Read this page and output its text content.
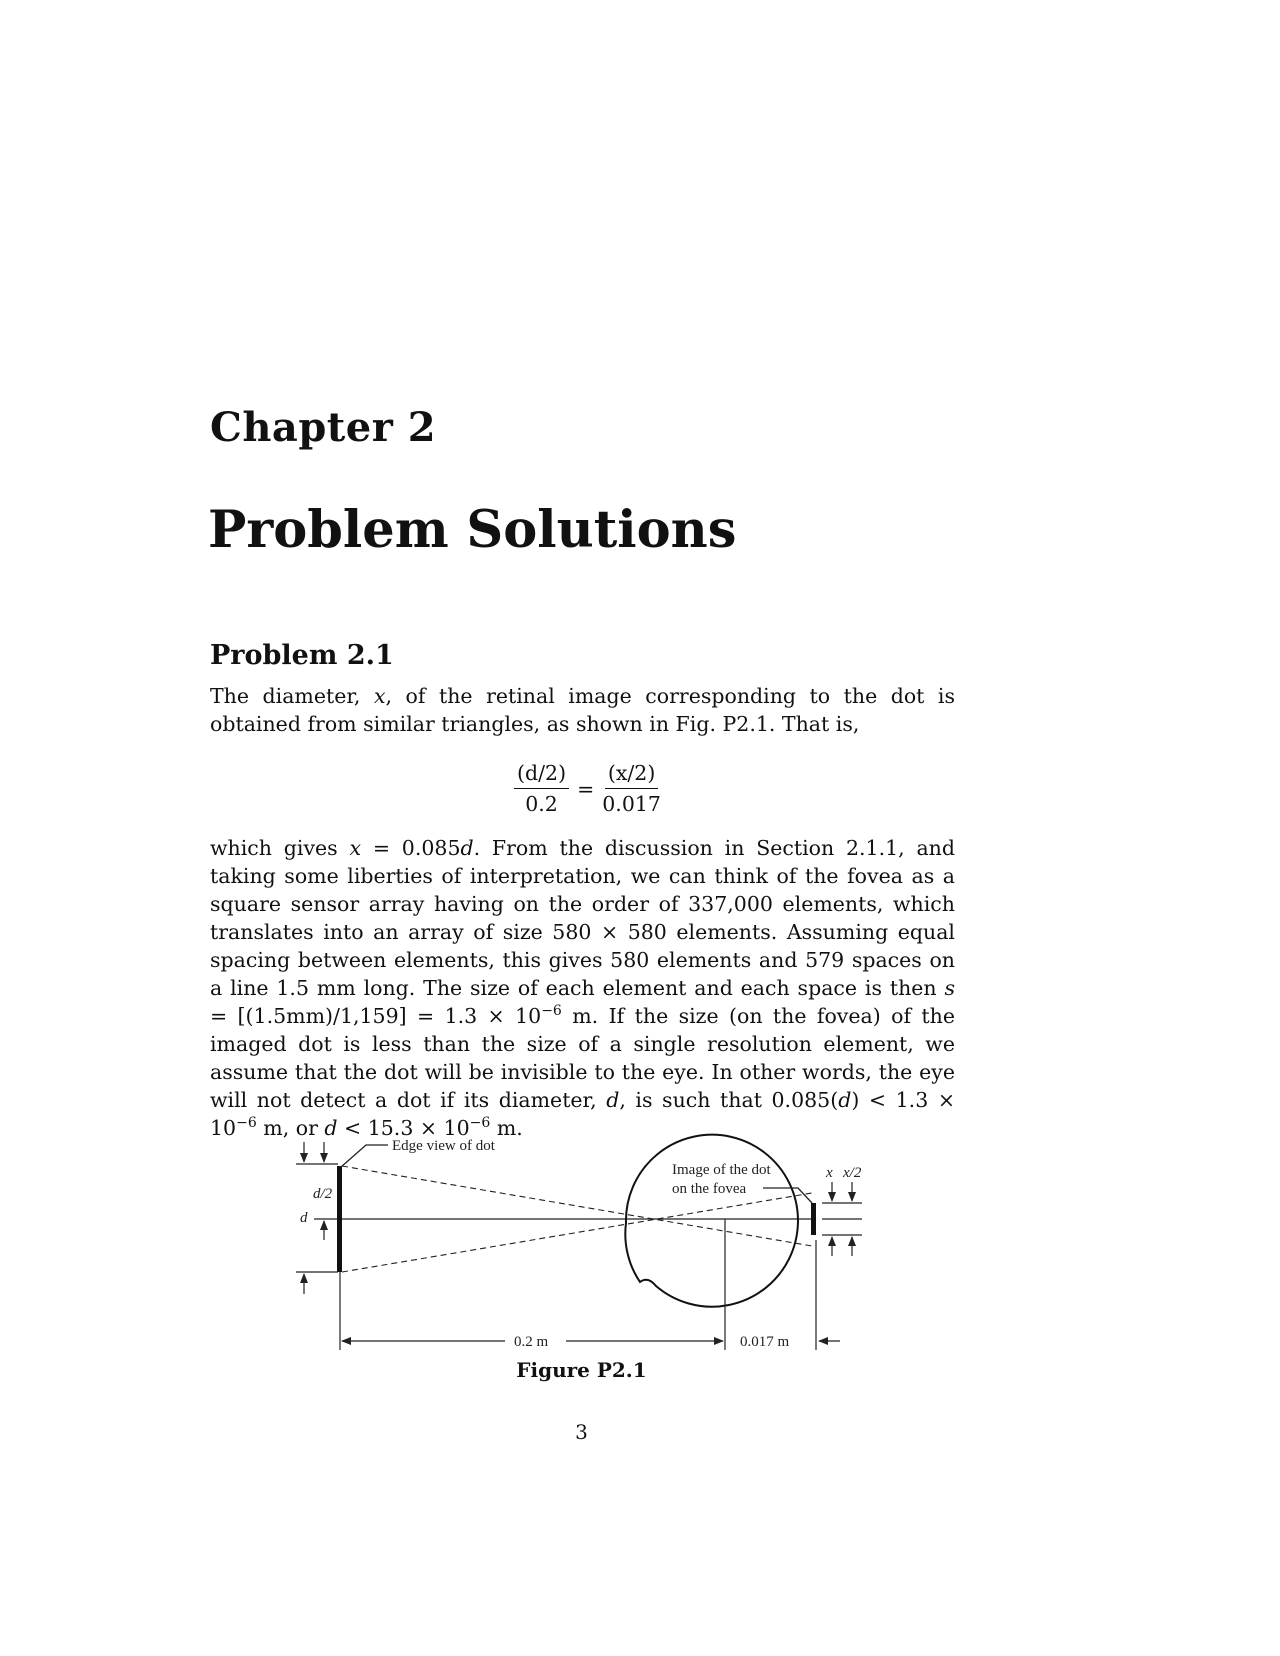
Chapter 2
Problem Solutions
Problem 2.1
The diameter, x, of the retinal image corresponding to the dot is obtained from similar triangles, as shown in Fig. P2.1. That is,
$\frac{(d/2)}{0.2} = \frac{(x/2)}{0.017}$
which gives x = 0.085d. From the discussion in Section 2.1.1, and taking some liberties of interpretation, we can think of the fovea as a square sensor array having on the order of 337,000 elements, which translates into an array of size 580 × 580 elements. Assuming equal spacing between elements, this gives 580 elements and 579 spaces on a line 1.5 mm long. The size of each element and each space is then $s = [(1.5mm)/1,159] = 1.3 \times 10^{-6}$ m. If the size (on the fovea) of the imaged dot is less than the size of a single resolution element, we assume that the dot will be invisible to the eye. In other words, the eye will not detect a dot if its diameter, d, is such that $0.085(d) < 1.3 \times 10^{-6}$ m, or $d < 15.3 \times 10^{-6}$ m.
Edge view of dot
Image of the dot
on the fovea
d
d/2
x x/2
0.2 m	0.017 m
Figure P2.1
3
